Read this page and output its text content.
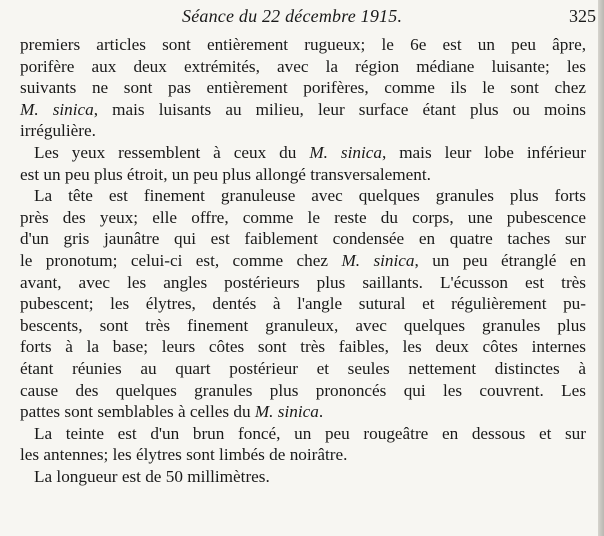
Séance du 22 décembre 1915.	325
premiers articles sont entièrement rugueux; le 6e est un peu âpre,
porifère aux deux extrémités, avec la région médiane luisante; les
suivants ne sont pas entièrement porifères, comme ils le sont chez
M. sinica, mais luisants au milieu, leur surface étant plus ou moins
irrégulière.
Les yeux ressemblent à ceux du M. sinica, mais leur lobe inférieur
est un peu plus étroit, un peu plus allongé transversalement.
La tête est finement granuleuse avec quelques granules plus forts
près des yeux; elle offre, comme le reste du corps, une pubescence
d'un gris jaunâtre qui est faiblement condensée en quatre taches sur
le pronotum; celui-ci est, comme chez M. sinica, un peu étranglé en
avant, avec les angles postérieurs plus saillants. L'écusson est très
pubescent; les élytres, dentés à l'angle sutural et régulièrement pu-
bescents, sont très finement granuleux, avec quelques granules plus
forts à la base; leurs côtes sont très faibles, les deux côtes internes
étant réunies au quart postérieur et seules nettement distinctes à
cause des quelques granules plus prononcés qui les couvrent. Les
pattes sont semblables à celles du M. sinica.
La teinte est d'un brun foncé, un peu rougeâtre en dessous et sur
les antennes; les élytres sont limbés de noirâtre.
La longueur est de 50 millimètres.
